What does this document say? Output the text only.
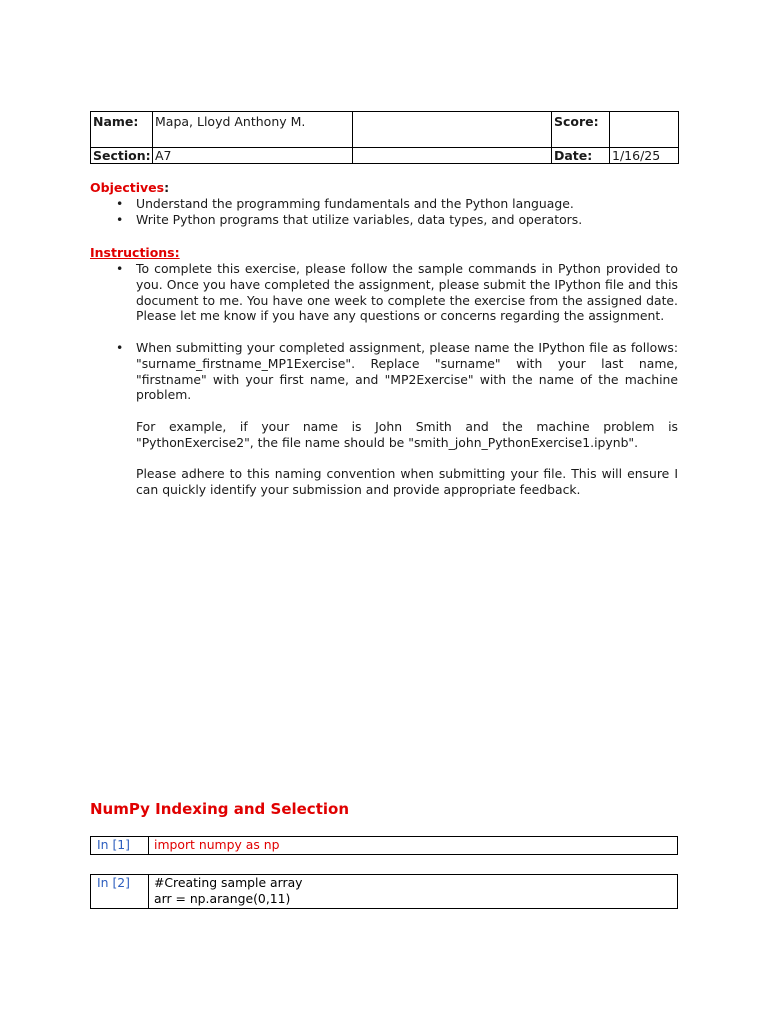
Name:	Mapa, Lloyd Anthony M.		Score:	
Section:	A7		Date:	1/16/25
Objectives:
• Understand the programming fundamentals and the Python language.
• Write Python programs that utilize variables, data types, and operators.
Instructions:
• To complete this exercise, please follow the sample commands in Python provided to you. Once you have completed the assignment, please submit the IPython file and this document to me. You have one week to complete the exercise from the assigned date. Please let me know if you have any questions or concerns regarding the assignment.
• When submitting your completed assignment, please name the IPython file as follows: "surname_firstname_MP1Exercise". Replace "surname" with your last name, "firstname" with your first name, and "MP2Exercise" with the name of the machine problem.

For example, if your name is John Smith and the machine problem is "PythonExercise2", the file name should be "smith_john_PythonExercise1.ipynb".

Please adhere to this naming convention when submitting your file. This will ensure I can quickly identify your submission and provide appropriate feedback.

NumPy Indexing and Selection
In [1]	import numpy as np
In [2]	#Creating sample array
arr = np.arange(0,11)
